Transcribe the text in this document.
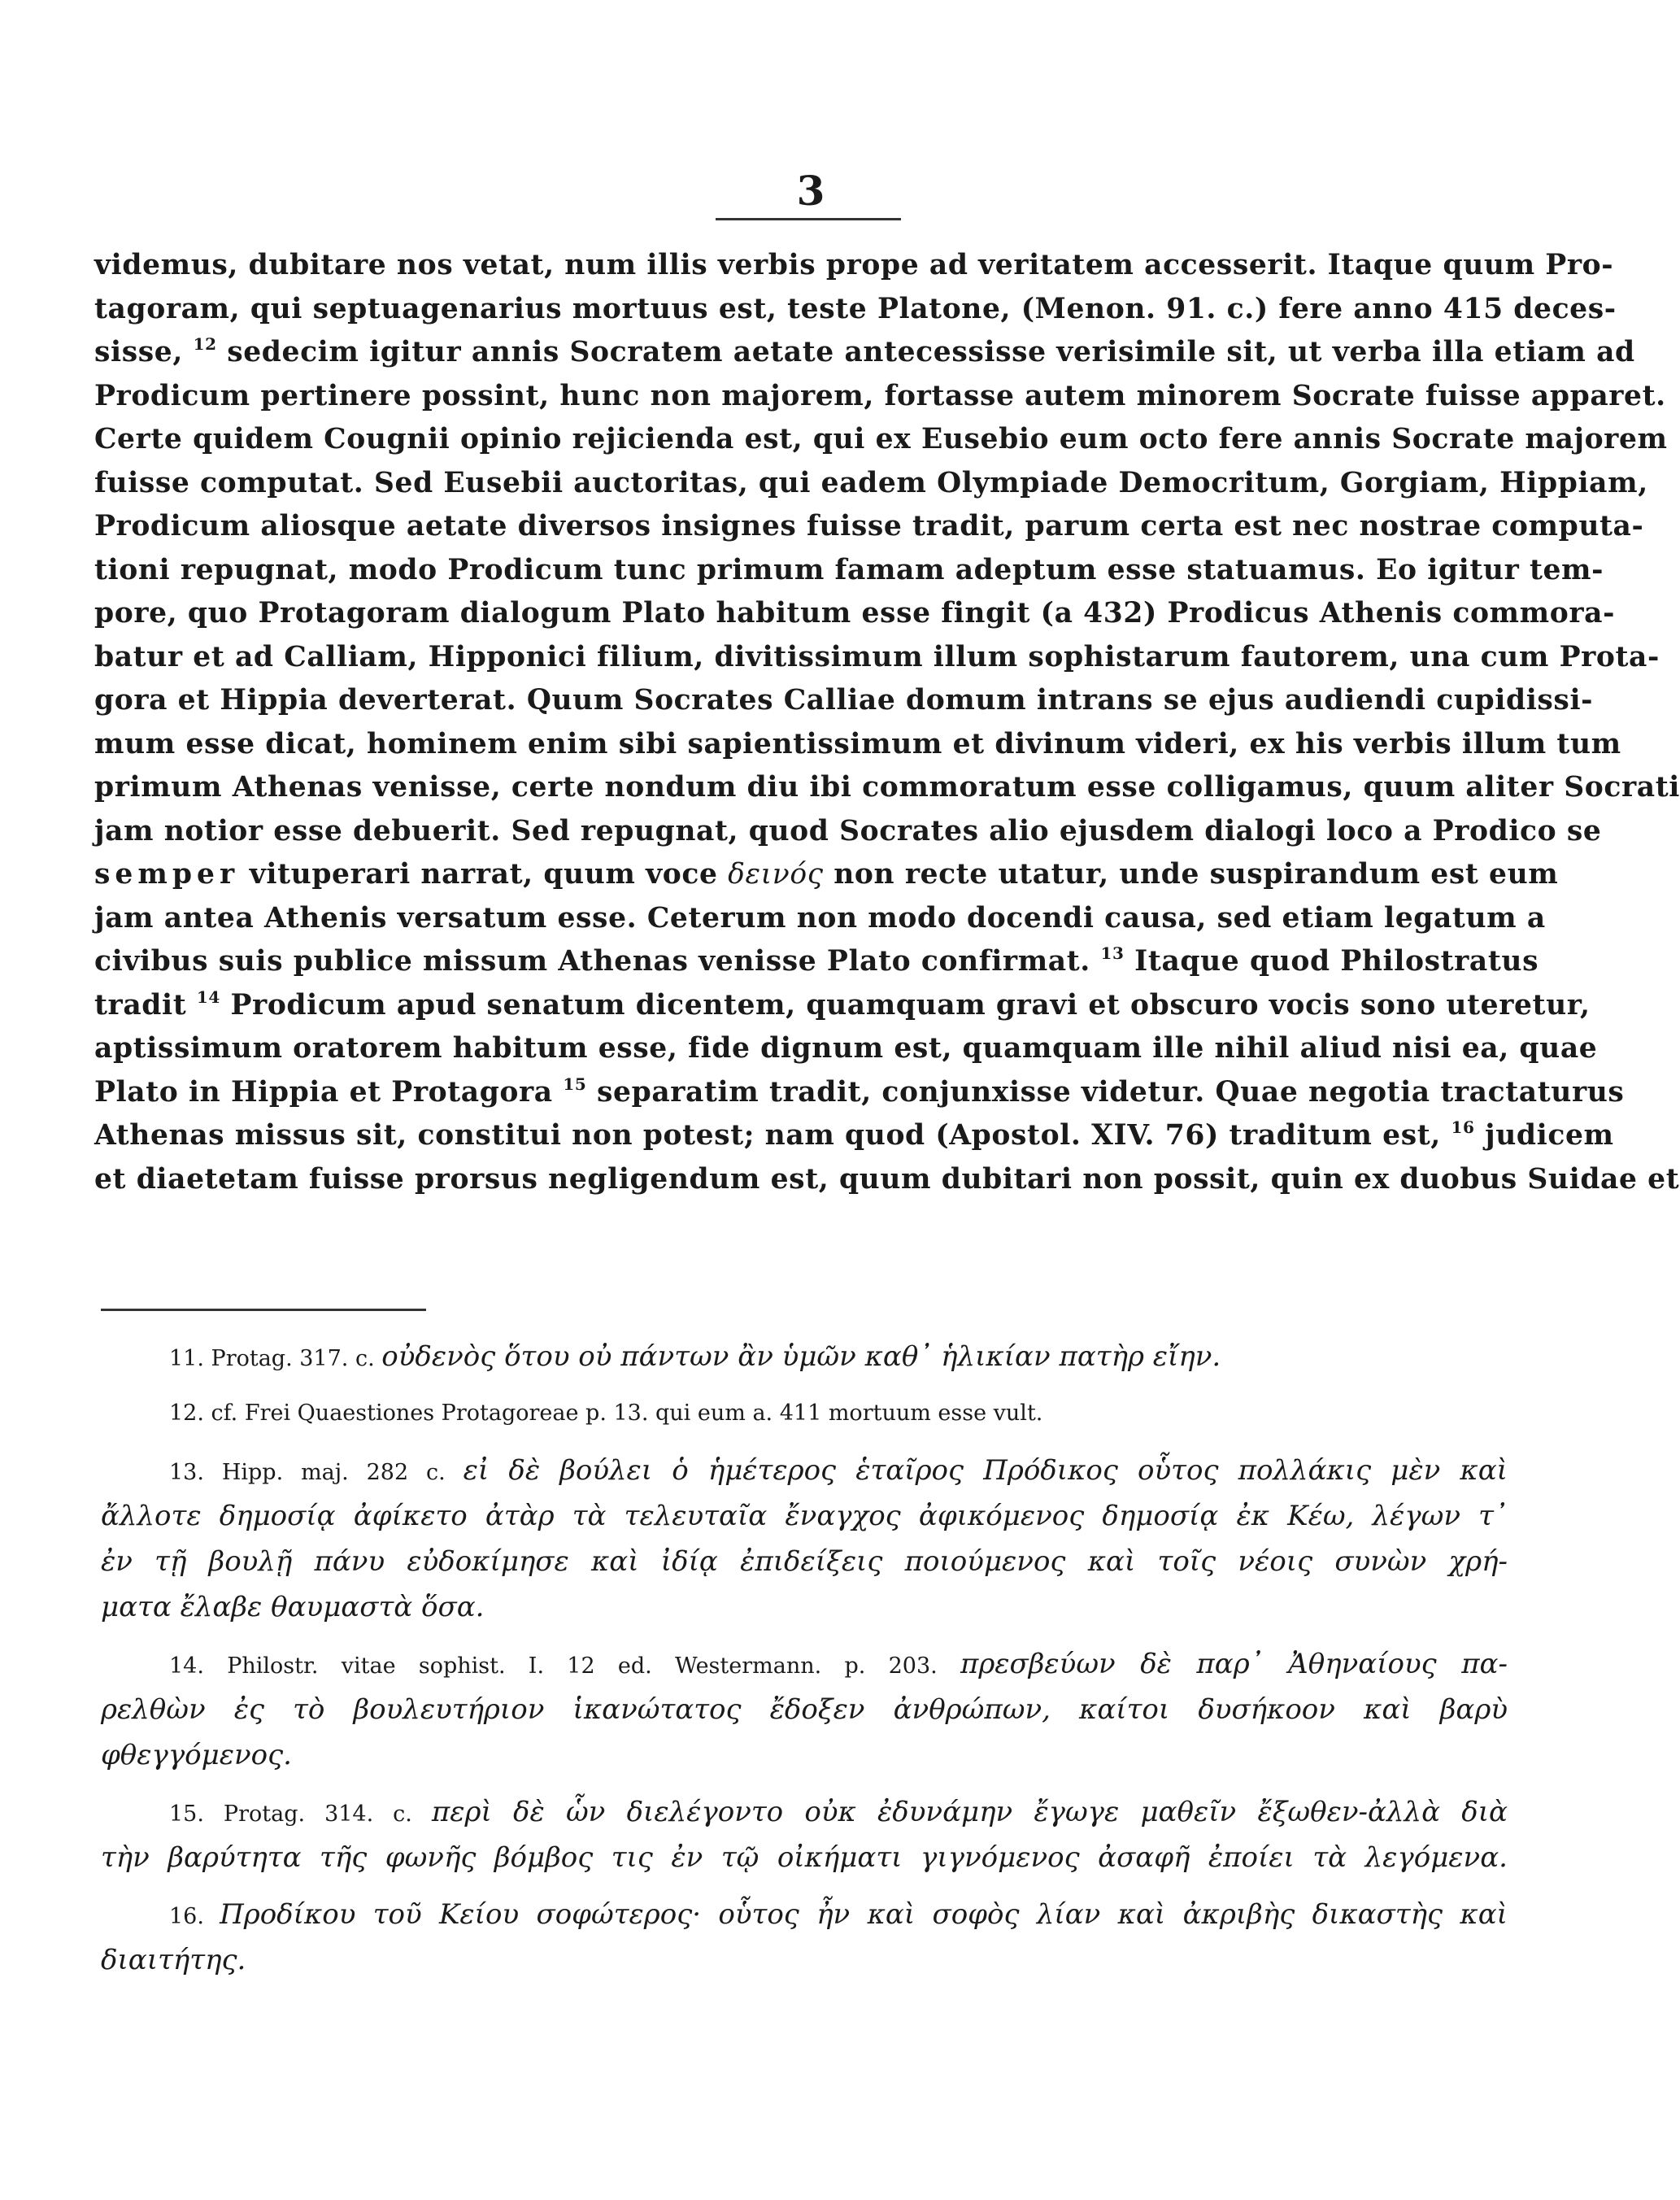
3
videmus, dubitare nos vetat, num illis verbis prope ad veritatem accesserit. Itaque quum Pro-
tagoram, qui septuagenarius mortuus est, teste Platone, (Menon. 91. c.) fere anno 415 deces-
sisse, $^{12}$ sedecim igitur annis Socratem aetate antecessisse verisimile sit, ut verba illa etiam ad
Prodicum pertinere possint, hunc non majorem, fortasse autem minorem Socrate fuisse apparet.
Certe quidem Cougnii opinio rejicienda est, qui ex Eusebio eum octo fere annis Socrate majorem
fuisse computat. Sed Eusebii auctoritas, qui eadem Olympiade Democritum, Gorgiam, Hippiam,
Prodicum aliosque aetate diversos insignes fuisse tradit, parum certa est nec nostrae computa-
tioni repugnat, modo Prodicum tunc primum famam adeptum esse statuamus. Eo igitur tem-
pore, quo Protagoram dialogum Plato habitum esse fingit (a 432) Prodicus Athenis commora-
batur et ad Calliam, Hipponici filium, divitissimum illum sophistarum fautorem, una cum Prota-
gora et Hippia deverterat. Quum Socrates Calliae domum intrans se ejus audiendi cupidissi-
mum esse dicat, hominem enim sibi sapientissimum et divinum videri, ex his verbis illum tum
primum Athenas venisse, certe nondum diu ibi commoratum esse colligamus, quum aliter Socrati
jam notior esse debuerit. Sed repugnat, quod Socrates alio ejusdem dialogi loco a Prodico se
semper vituperari narrat, quum voce δεινός non recte utatur, unde suspirandum est eum
jam antea Athenis versatum esse. Ceterum non modo docendi causa, sed etiam legatum a
civibus suis publice missum Athenas venisse Plato confirmat. $^{13}$ Itaque quod Philostratus
tradit $^{14}$ Prodicum apud senatum dicentem, quamquam gravi et obscuro vocis sono uteretur,
aptissimum oratorem habitum esse, fide dignum est, quamquam ille nihil aliud nisi ea, quae
Plato in Hippia et Protagora $^{15}$ separatim tradit, conjunxisse videtur. Quae negotia tractaturus
Athenas missus sit, constitui non potest; nam quod (Apostol. XIV. 76) traditum est, $^{16}$ judicem
et diaetetam fuisse prorsus negligendum est, quum dubitari non possit, quin ex duobus Suidae et
11. Protag. 317. c. οὐδενὸς ὅτου οὐ πάντων ἂν ὑμῶν καθ᾽ ἡλικίαν πατὴρ εἴην.
12. cf. Frei Quaestiones Protagoreae p. 13. qui eum a. 411 mortuum esse vult.
13. Hipp. maj. 282 c. εἰ δὲ βούλει ὁ ἡμέτερος ἑταῖρος Πρόδικος οὗτος πολλάκις μὲν καὶ
ἄλλοτε δημοσίᾳ ἀφίκετο ἀτὰρ τὰ τελευταῖα ἔναγχος ἀφικόμενος δημοσίᾳ ἐκ Κέω, λέγων τ᾽
ἐν τῇ βουλῇ πάνυ εὐδοκίμησε καὶ ἰδίᾳ ἐπιδείξεις ποιούμενος καὶ τοῖς νέοις συνὼν χρή-
ματα ἔλαβε θαυμαστὰ ὅσα.
14. Philostr. vitae sophist. I. 12 ed. Westermann. p. 203. πρεσβεύων δὲ παρ᾽ Ἀθηναίους πα-
ρελθὼν ἐς τὸ βουλευτήριον ἱκανώτατος ἔδοξεν ἀνθρώπων, καίτοι δυσήκοον καὶ βαρὺ
φθεγγόμενος.
15. Protag. 314. c. περὶ δὲ ὧν διελέγοντο οὐκ ἐδυνάμην ἔγωγε μαθεῖν ἔξωθεν-ἀλλὰ διὰ
τὴν βαρύτητα τῆς φωνῆς βόμβος τις ἐν τῷ οἰκήματι γιγνόμενος ἀσαφῆ ἐποίει τὰ λεγόμενα.
16. Προδίκου τοῦ Κείου σοφώτερος· οὗτος ἦν καὶ σοφὸς λίαν καὶ ἀκριβὴς δικαστὴς καὶ
διαιτήτης.
